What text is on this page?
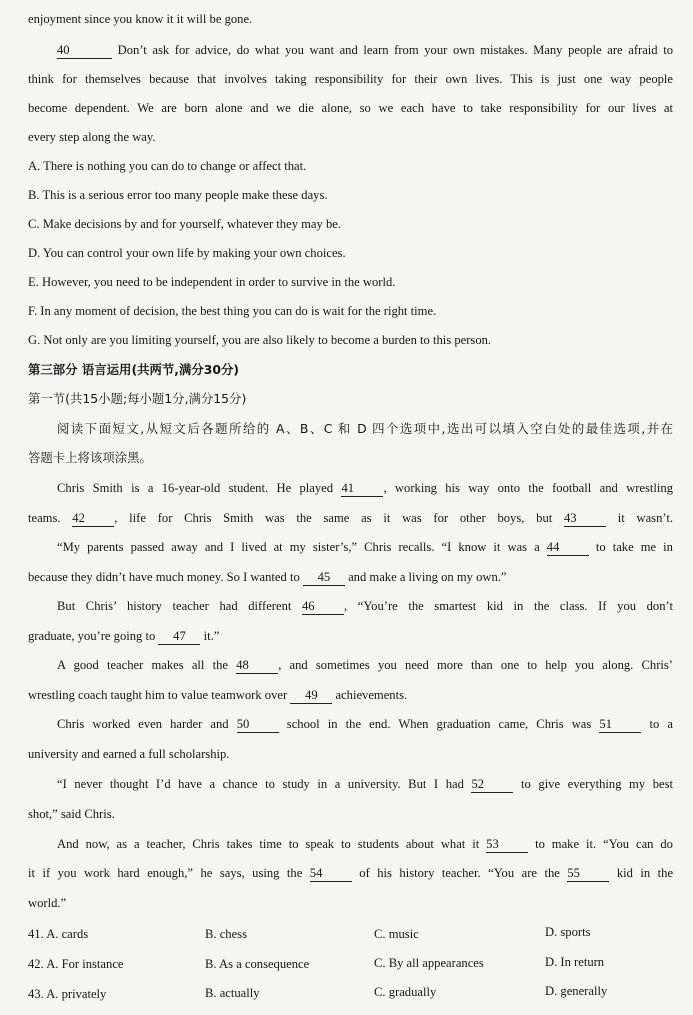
enjoyment since you know it it will be gone.
40	Don’t ask for advice, do what you want and learn from your own mistakes. Many people are afraid to
think for themselves because that involves taking responsibility for their own lives. This is just one way people
become dependent. We are born alone and we die alone, so we each have to take responsibility for our lives at
every step along the way.
A. There is nothing you can do to change or affect that.
B. This is a serious error too many people make these days.
C. Make decisions by and for yourself, whatever they may be.
D. You can control your own life by making your own choices.
E. However, you need to be independent in order to survive in the world.
F. In any moment of decision, the best thing you can do is wait for the right time.
G. Not only are you limiting yourself, you are also likely to become a burden to this person.
第三部分 语言运用(共两节,满分30分)
第一节(共15小题;每小题1分,满分15分)
阅读下面短文,从短文后各题所给的 A、B、C 和 D 四个选项中,选出可以填入空白处的最佳选项,并在
答题卡上将该项涂黑。
Chris Smith is a 16-year-old student. He played 41 , working his way onto the football and wrestling
teams. 42 , life for Chris Smith was the same as it was for other boys, but 43	it wasn’t.
“My parents passed away and I lived at my sister’s,” Chris recalls. “I know it was a 44	to take me in
because they didn’t have much money. So I wanted to 45 and make a living on my own.”
But Chris’ history teacher had different 46 , “You’re the smartest kid in the class. If you don’t
graduate, you’re going to 47 it.”
A good teacher makes all the 48 , and sometimes you need more than one to help you along. Chris’
wrestling coach taught him to value teamwork over 49 achievements.
Chris worked even harder and 50	school in the end. When graduation came, Chris was 51	to a
university and earned a full scholarship.
“I never thought I’d have a chance to study in a university. But I had 52	to give everything my best
shot,” said Chris.
And now, as a teacher, Chris takes time to speak to students about what it 53	to make it. “You can do
it if you work hard enough,” he says, using the 54	of his history teacher. “You are the 55	kid in the
world.”
41. A. cards	B. chess	C. music	D. sports
42. A. For instance	B. As a consequence	C. By all appearances	D. In return
43. A. privately	B. actually	C. gradually	D. generally
